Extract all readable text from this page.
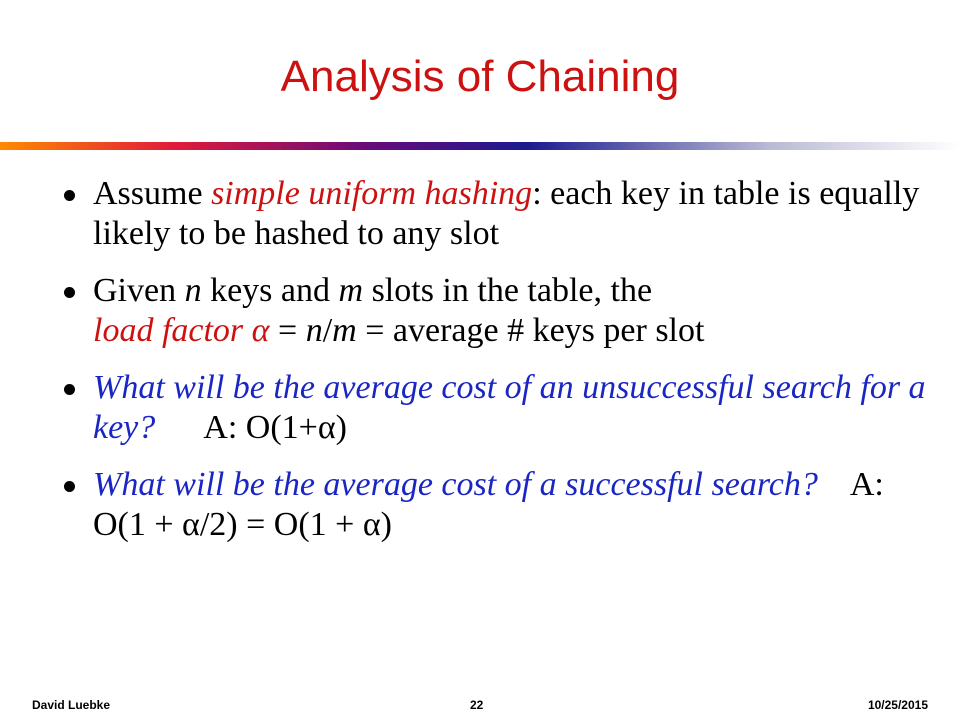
Analysis of Chaining
Assume simple uniform hashing: each key in table is equally likely to be hashed to any slot
Given n keys and m slots in the table, the
load factor α = n/m = average # keys per slot
What will be the average cost of an unsuccessful search for a key? A: O(1+α)
What will be the average cost of a successful search? A: O(1 + α/2) = O(1 + α)
David Luebke	22	10/25/2015
